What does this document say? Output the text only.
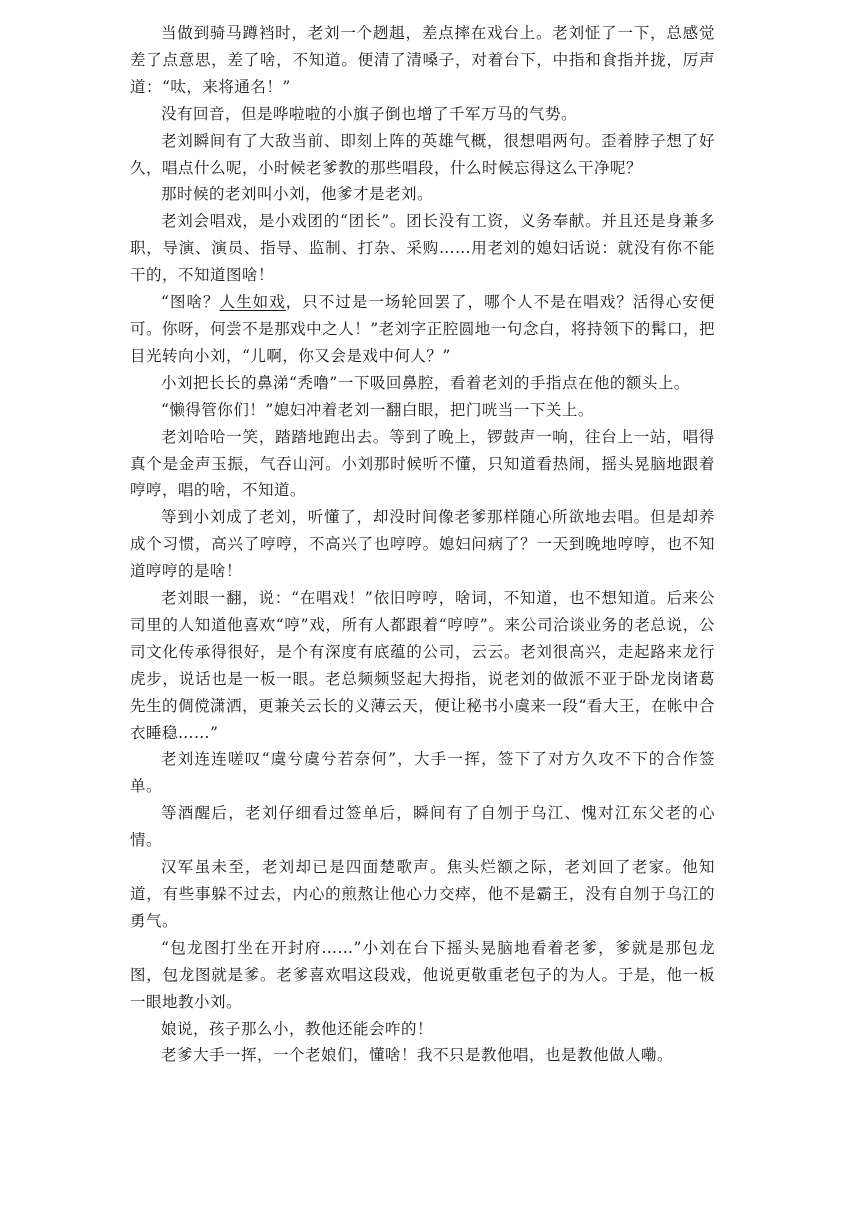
当做到骑马蹲裆时，老刘一个趔趄，差点摔在戏台上。老刘怔了一下，总感觉差了点意思，差了啥，不知道。便清了清嗓子，对着台下，中指和食指并拢，厉声道：“呔，来将通名！”

没有回音，但是哗啦啦的小旗子倒也增了千军万马的气势。

老刘瞬间有了大敌当前、即刻上阵的英雄气概，很想唱两句。歪着脖子想了好久，唱点什么呢，小时候老爹教的那些唱段，什么时候忘得这么干净呢？

那时候的老刘叫小刘，他爹才是老刘。

老刘会唱戏，是小戏团的“团长”。团长没有工资，义务奉献。并且还是身兼多职，导演、演员、指导、监制、打杂、采购……用老刘的媳妇话说：就没有你不能干的，不知道图啥！

“图啥？人生如戏，只不过是一场轮回罢了，哪个人不是在唱戏？活得心安便可。你呀，何尝不是那戏中之人！”老刘字正腔圆地一句念白，将持领下的髯口，把目光转向小刘，“儿啊，你又会是戏中何人？”

小刘把长长的鼻涕“秃噜”一下吸回鼻腔，看着老刘的手指点在他的额头上。

“懒得管你们！”媳妇冲着老刘一翻白眼，把门咣当一下关上。

老刘哈哈一笑，踏踏地跑出去。等到了晚上，锣鼓声一响，往台上一站，唱得真个是金声玉振，气吞山河。小刘那时候听不懂，只知道看热闹，摇头晃脑地跟着哼哼，唱的啥，不知道。

等到小刘成了老刘，听懂了，却没时间像老爹那样随心所欲地去唱。但是却养成个习惯，高兴了哼哼，不高兴了也哼哼。媳妇问病了？一天到晚地哼哼，也不知道哼哼的是啥！

老刘眼一翻，说：“在唱戏！”依旧哼哼，啥词，不知道，也不想知道。后来公司里的人知道他喜欢“哼”戏，所有人都跟着“哼哼”。来公司洽谈业务的老总说，公司文化传承得很好，是个有深度有底蕴的公司，云云。老刘很高兴，走起路来龙行虎步，说话也是一板一眼。老总频频竖起大拇指，说老刘的做派不亚于卧龙岗诸葛先生的倜傥潇洒，更兼关云长的义薄云天，便让秘书小虞来一段“看大王，在帐中合衣睡稳……”

老刘连连嗟叹“虞兮虞兮若奈何”，大手一挥，签下了对方久攻不下的合作签单。

等酒醒后，老刘仔细看过签单后，瞬间有了自刎于乌江、愧对江东父老的心情。

汉军虽未至，老刘却已是四面楚歌声。焦头烂额之际，老刘回了老家。他知道，有些事躲不过去，内心的煎熬让他心力交瘁，他不是霸王，没有自刎于乌江的勇气。

“包龙图打坐在开封府……”小刘在台下摇头晃脑地看着老爹，爹就是那包龙图，包龙图就是爹。老爹喜欢唱这段戏，他说更敬重老包子的为人。于是，他一板一眼地教小刘。

娘说，孩子那么小，教他还能会咋的！

老爹大手一挥，一个老娘们，懂啥！我不只是教他唱，也是教他做人嘞。
